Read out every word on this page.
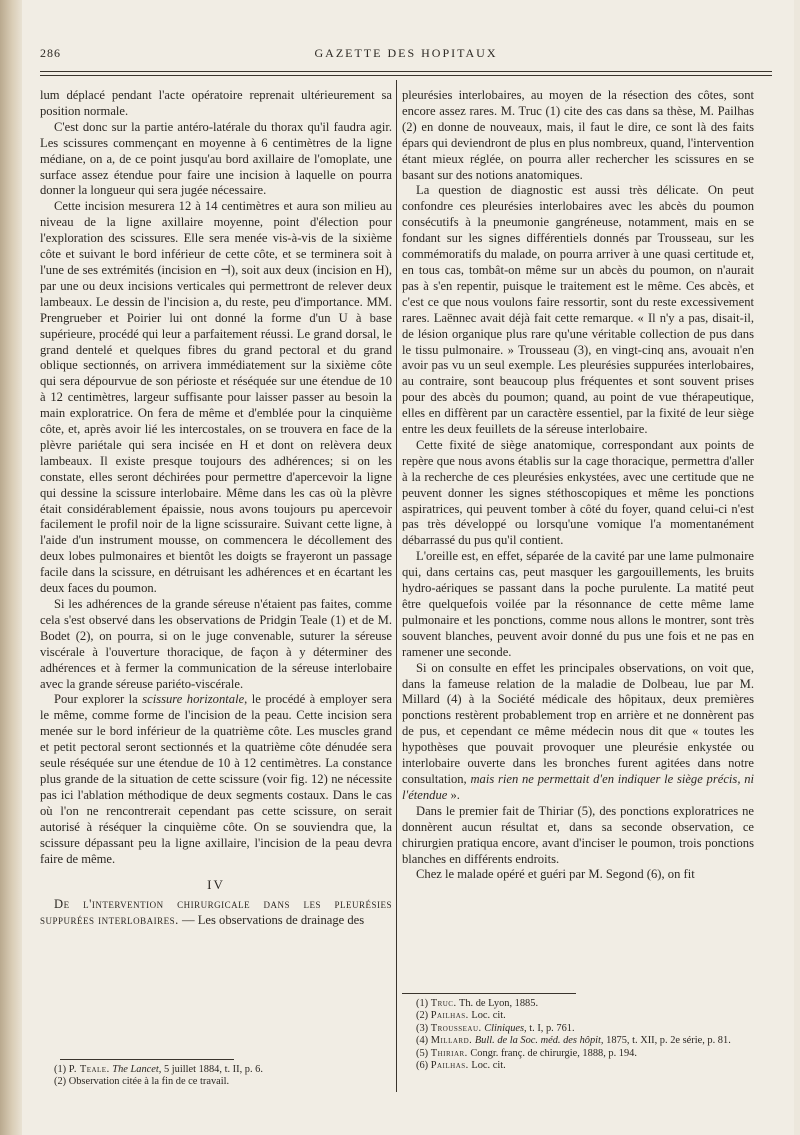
286	GAZETTE DES HOPITAUX

lum déplacé pendant l'acte opératoire reprenait ultérieurement sa position normale.

C'est donc sur la partie antéro-latérale du thorax qu'il faudra agir. Les scissures commençant en moyenne à 6 centimètres de la ligne médiane, on a, de ce point jusqu'au bord axillaire de l'omoplate, une surface assez étendue pour faire une incision à laquelle on pourra donner la longueur qui sera jugée nécessaire.

Cette incision mesurera 12 à 14 centimètres et aura son milieu au niveau de la ligne axillaire moyenne, point d'élection pour l'exploration des scissures. Elle sera menée vis-à-vis de la sixième côte et suivant le bord inférieur de cette côte, et se terminera soit à l'une de ses extrémités (incision en ⊣), soit aux deux (incision en H), par une ou deux incisions verticales qui permettront de relever deux lambeaux. Le dessin de l'incision a, du reste, peu d'importance. MM. Prengrueber et Poirier lui ont donné la forme d'un U à base supérieure, procédé qui leur a parfaitement réussi. Le grand dorsal, le grand dentelé et quelques fibres du grand pectoral et du grand oblique sectionnés, on arrivera immédiatement sur la sixième côte qui sera dépourvue de son périoste et réséquée sur une étendue de 10 à 12 centimètres, largeur suffisante pour laisser passer au besoin la main exploratrice. On fera de même et d'emblée pour la cinquième côte, et, après avoir lié les intercostales, on se trouvera en face de la plèvre pariétale qui sera incisée en H et dont on relèvera deux lambeaux. Il existe presque toujours des adhérences; si on les constate, elles seront déchirées pour permettre d'apercevoir la ligne qui dessine la scissure interlobaire. Même dans les cas où la plèvre était considérablement épaissie, nous avons toujours pu apercevoir facilement le profil noir de la ligne scissuraire. Suivant cette ligne, à l'aide d'un instrument mousse, on commencera le décollement des deux lobes pulmonaires et bientôt les doigts se frayeront un passage facile dans la scissure, en détruisant les adhérences et en écartant les deux faces du poumon.

Si les adhérences de la grande séreuse n'étaient pas faites, comme cela s'est observé dans les observations de Pridgin Teale (1) et de M. Bodet (2), on pourra, si on le juge convenable, suturer la séreuse viscérale à l'ouverture thoracique, de façon à y déterminer des adhérences et à fermer la communication de la séreuse interlobaire avec la grande séreuse pariéto-viscérale.

Pour explorer la scissure horizontale, le procédé à employer sera le même, comme forme de l'incision de la peau. Cette incision sera menée sur le bord inférieur de la quatrième côte. Les muscles grand et petit pectoral seront sectionnés et la quatrième côte dénudée sera seule réséquée sur une étendue de 10 à 12 centimètres. La constance plus grande de la situation de cette scissure (voir fig. 12) ne nécessite pas ici l'ablation méthodique de deux segments costaux. Dans le cas où l'on ne rencontrerait cependant pas cette scissure, on serait autorisé à réséquer la cinquième côte. On se souviendra que, la scissure dépassant peu la ligne axillaire, l'incision de la peau devra faire de même.

IV

De l'intervention chirurgicale dans les pleurésies suppurées interlobaires. — Les observations de drainage des

(1) P. Teale. The Lancet, 5 juillet 1884, t. II, p. 6.
(2) Observation citée à la fin de ce travail.

pleurésies interlobaires, au moyen de la résection des côtes, sont encore assez rares. M. Truc (1) cite des cas dans sa thèse, M. Pailhas (2) en donne de nouveaux, mais, il faut le dire, ce sont là des faits épars qui deviendront de plus en plus nombreux, quand, l'intervention étant mieux réglée, on pourra aller rechercher les scissures en se basant sur des notions anatomiques.

La question de diagnostic est aussi très délicate. On peut confondre ces pleurésies interlobaires avec les abcès du poumon consécutifs à la pneumonie gangréneuse, notamment, mais en se fondant sur les signes différentiels donnés par Trousseau, sur les commémoratifs du malade, on pourra arriver à une quasi certitude et, en tous cas, tombât-on même sur un abcès du poumon, on n'aurait pas à s'en repentir, puisque le traitement est le même. Ces abcès, et c'est ce que nous voulons faire ressortir, sont du reste excessivement rares. Laënnec avait déjà fait cette remarque. « Il n'y a pas, disait-il, de lésion organique plus rare qu'une véritable collection de pus dans le tissu pulmonaire. » Trousseau (3), en vingt-cinq ans, avouait n'en avoir pas vu un seul exemple. Les pleurésies suppurées interlobaires, au contraire, sont beaucoup plus fréquentes et sont souvent prises pour des abcès du poumon; quand, au point de vue thérapeutique, elles en diffèrent par un caractère essentiel, par la fixité de leur siège entre les deux feuillets de la séreuse interlobaire.

Cette fixité de siège anatomique, correspondant aux points de repère que nous avons établis sur la cage thoracique, permettra d'aller à la recherche de ces pleurésies enkystées, avec une certitude que ne peuvent donner les signes stéthoscopiques et même les ponctions aspiratrices, qui peuvent tomber à côté du foyer, quand celui-ci n'est pas très développé ou lorsqu'une vomique l'a momentanément débarrassé du pus qu'il contient.

L'oreille est, en effet, séparée de la cavité par une lame pulmonaire qui, dans certains cas, peut masquer les gargouillements, les bruits hydro-aériques se passant dans la poche purulente. La matité peut être quelquefois voilée par la résonnance de cette même lame pulmonaire et les ponctions, comme nous allons le montrer, sont très souvent blanches, peuvent avoir donné du pus une fois et ne pas en ramener une seconde.

Si on consulte en effet les principales observations, on voit que, dans la fameuse relation de la maladie de Dolbeau, lue par M. Millard (4) à la Société médicale des hôpitaux, deux premières ponctions restèrent probablement trop en arrière et ne donnèrent pas de pus, et cependant ce même médecin nous dit que « toutes les hypothèses que pouvait provoquer une pleurésie enkystée ou interlobaire ouverte dans les bronches furent agitées dans notre consultation, mais rien ne permettait d'en indiquer le siège précis, ni l'étendue ».

Dans le premier fait de Thiriar (5), des ponctions exploratrices ne donnèrent aucun résultat et, dans sa seconde observation, ce chirurgien pratiqua encore, avant d'inciser le poumon, trois ponctions blanches en différents endroits.

Chez le malade opéré et guéri par M. Segond (6), on fit

(1) Truc. Th. de Lyon, 1885.
(2) Pailhas. Loc. cit.
(3) Trousseau. Cliniques, t. I, p. 761.
(4) Millard. Bull. de la Soc. méd. des hôpit, 1875, t. XII, p. 2e série, p. 81.
(5) Thiriar. Congr. franç. de chirurgie, 1888, p. 194.
(6) Pailhas. Loc. cit.
